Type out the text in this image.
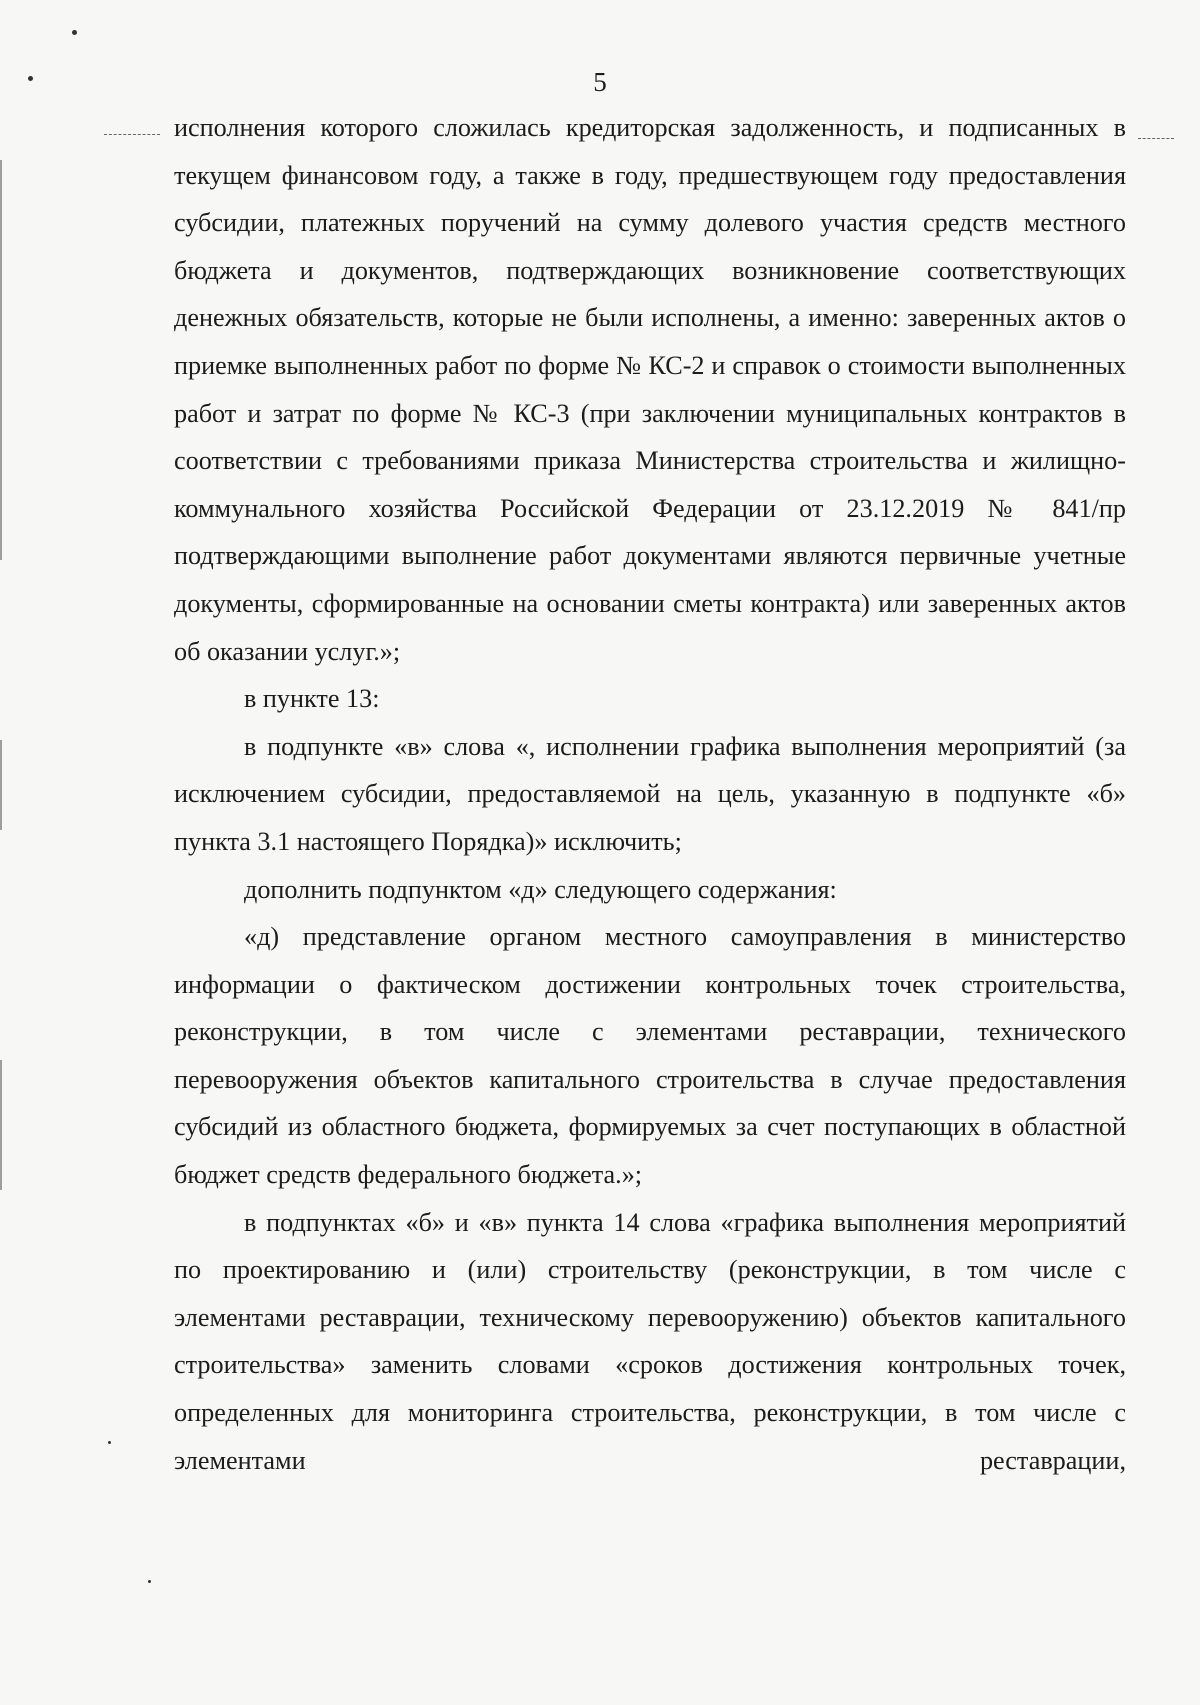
5

исполнения которого сложилась кредиторская задолженность, и подписанных в текущем финансовом году, а также в году, предшествующем году предоставления субсидии, платежных поручений на сумму долевого участия средств местного бюджета и документов, подтверждающих возникновение соответствующих денежных обязательств, которые не были исполнены, а именно: заверенных актов о приемке выполненных работ по форме № КС-2 и справок о стоимости выполненных работ и затрат по форме № КС-3 (при заключении муниципальных контрактов в соответствии с требованиями приказа Министерства строительства и жилищно-коммунального хозяйства Российской Федерации от 23.12.2019 № 841/пр подтверждающими выполнение работ документами являются первичные учетные документы, сформированные на основании сметы контракта) или заверенных актов об оказании услуг.»;

в пункте 13:

в подпункте «в» слова «, исполнении графика выполнения мероприятий (за исключением субсидии, предоставляемой на цель, указанную в подпункте «б» пункта 3.1 настоящего Порядка)» исключить;

дополнить подпунктом «д» следующего содержания:

«д) представление органом местного самоуправления в министерство информации о фактическом достижении контрольных точек строительства, реконструкции, в том числе с элементами реставрации, технического перевооружения объектов капитального строительства в случае предоставления субсидий из областного бюджета, формируемых за счет поступающих в областной бюджет средств федерального бюджета.»;

в подпунктах «б» и «в» пункта 14 слова «графика выполнения мероприятий по проектированию и (или) строительству (реконструкции, в том числе с элементами реставрации, техническому перевооружению) объектов капитального строительства» заменить словами «сроков достижения контрольных точек, определенных для мониторинга строительства, реконструкции, в том числе с элементами реставрации,
